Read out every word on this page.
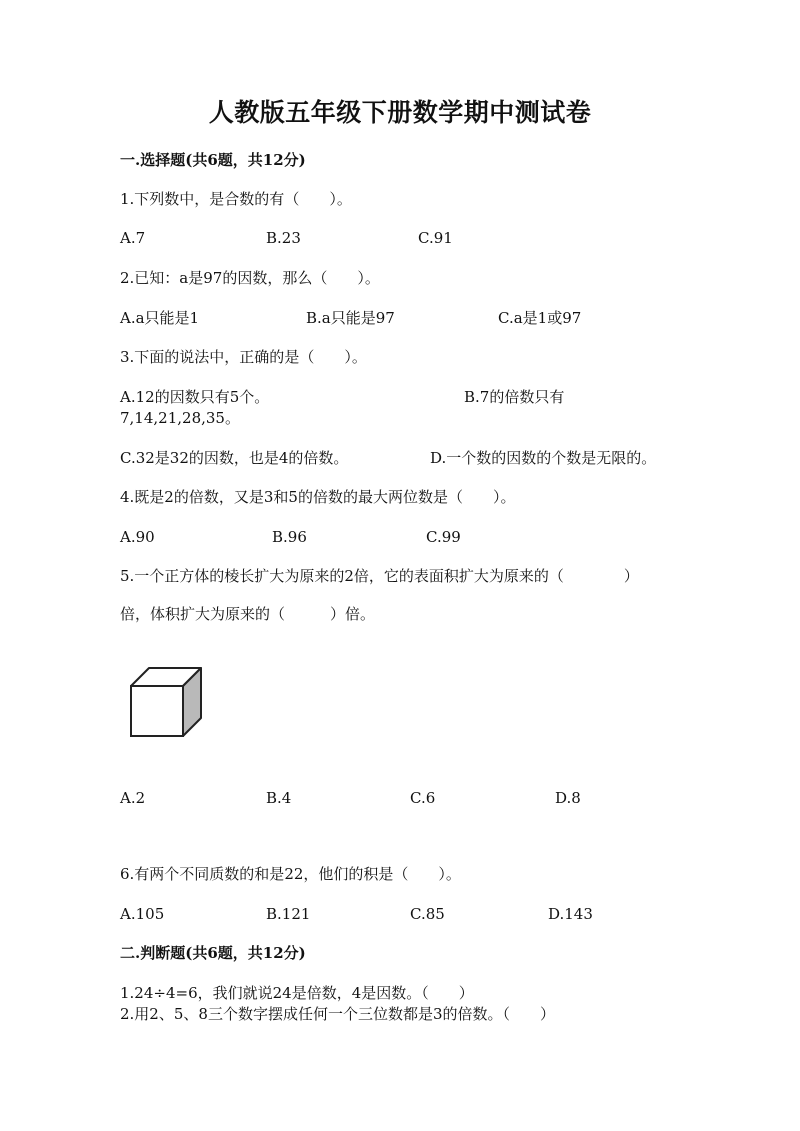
人教版五年级下册数学期中测试卷
一.选择题(共6题，共12分)
1.下列数中，是合数的有（　　）。
A.7	B.23	C.91
2.已知：a是97的因数，那么（　　）。
A.a只能是1	B.a只能是97	C.a是1或97
3.下面的说法中，正确的是（　　）。
A.12的因数只有5个。	B.7的倍数只有
7,14,21,28,35。
C.32是32的因数，也是4的倍数。	D.一个数的因数的个数是无限的。
4.既是2的倍数，又是3和5的倍数的最大两位数是（　　）。
A.90	B.96	C.99
5.一个正方体的棱长扩大为原来的2倍，它的表面积扩大为原来的（　　　　）
倍，体积扩大为原来的（　　　）倍。
A.2	B.4	C.6	D.8
6.有两个不同质数的和是22，他们的积是（　　）。
A.105	B.121	C.85	D.143
二.判断题(共6题，共12分)
1.24÷4=6，我们就说24是倍数，4是因数。（　　）
2.用2、5、8三个数字摆成任何一个三位数都是3的倍数。（　　）
